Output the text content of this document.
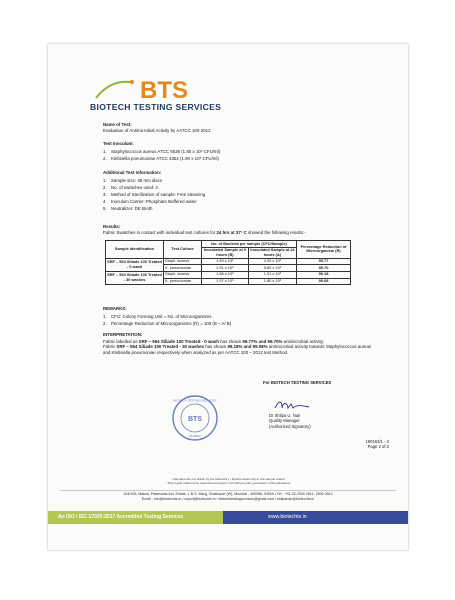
BTS
BIOTECH TESTING SERVICES
Name of Test:
Evaluation of Antimicrobial Activity by AATCC 100-2012
Test Inoculum:
1. Staphylococcus aureus ATCC 6538 (1.80 x 10⁵ CFU/ml)
2. Klebsiella pneumoniae ATCC 4352 (1.90 x 10⁵ CFU/ml)
Additional Test Information:
1. Sample size: 48 mm discs
2. No. of swatches used: 4
3. Method of Sterilization of sample: Free steaming
4. Inoculum Carrier: Phosphate Buffered water
5. Neutralizer: DE Broth
Results:
Fabric Swatches in contact with individual test cultures for 24 hrs at 37° C showed the following results:-
Sample Identification	Test Culture	No. of Bacteria per sample (CFU/Sample)		Percentage Reduction of Microorganism (R)
		Inoculated Sample at 0 hours (B)	Inoculated Sample at 24 hours (A)	
SRF – 594 Siliade 100 Treated - 0 wash	Staph. aureus	1.69 x 10⁵	4.20 x 10²	99.77
	K. pneumoniae	1.91 x 10⁵	5.60 x 10²	99.70
SRF – 594 Siliade 100 Treated - 30 washes	Staph. aureus	1.86 x 10⁵	1.51 x 10³	99.18
	K. pneumoniae	1.97 x 10⁵	1.80 x 10³	99.08
REMARKS:
1. CFU: Colony Forming Unit = No. of Microorganisms
2. Percentage Reduction of Microorganisms (R) = 100 (B – A/ B)
INTERPRETATION:
Fabric labelled as SRF – 594 Siliade 100 Treated - 0 wash has shown 99.77% and 99.70% antimicrobial activity;
Fabric SRF – 594 Siliade 100 Treated - 30 washes has shown 99.18% and 99.08% antimicrobial activity towards Staphylococcus aureus and Klebsiella pneumoniae respectively when analyzed as per AATCC 100 – 2012 test Method.
For BIOTECH TESTING SERVICES
Dr Shilpa U. Nair
Quality Manager
(Authorized Signatory)
190163/1 - 2
Page 2 of 2
BTS
BIOTECH TESTING SERVICES
MUMBAI
• Samples are not drawn by the laboratory • Result relate only to the sample tested
• This report shall not be reproduced except in full without prior permission of the laboratory
104/105, Malwa, Patanwala Ind. Estate, L.B.S. Marg, Ghatkopar (W), Mumbai - 400086, INDIA • Tel : +91-22-2500 2811, 2500 2812
Email : info@biotechts.in / report@biotechts.in / biotechtestingservices@gmail.com / shilpanair@biotechts.in
An ISO / IEC 17025:2017 Accredited Testing Services	www.biotechts.in
